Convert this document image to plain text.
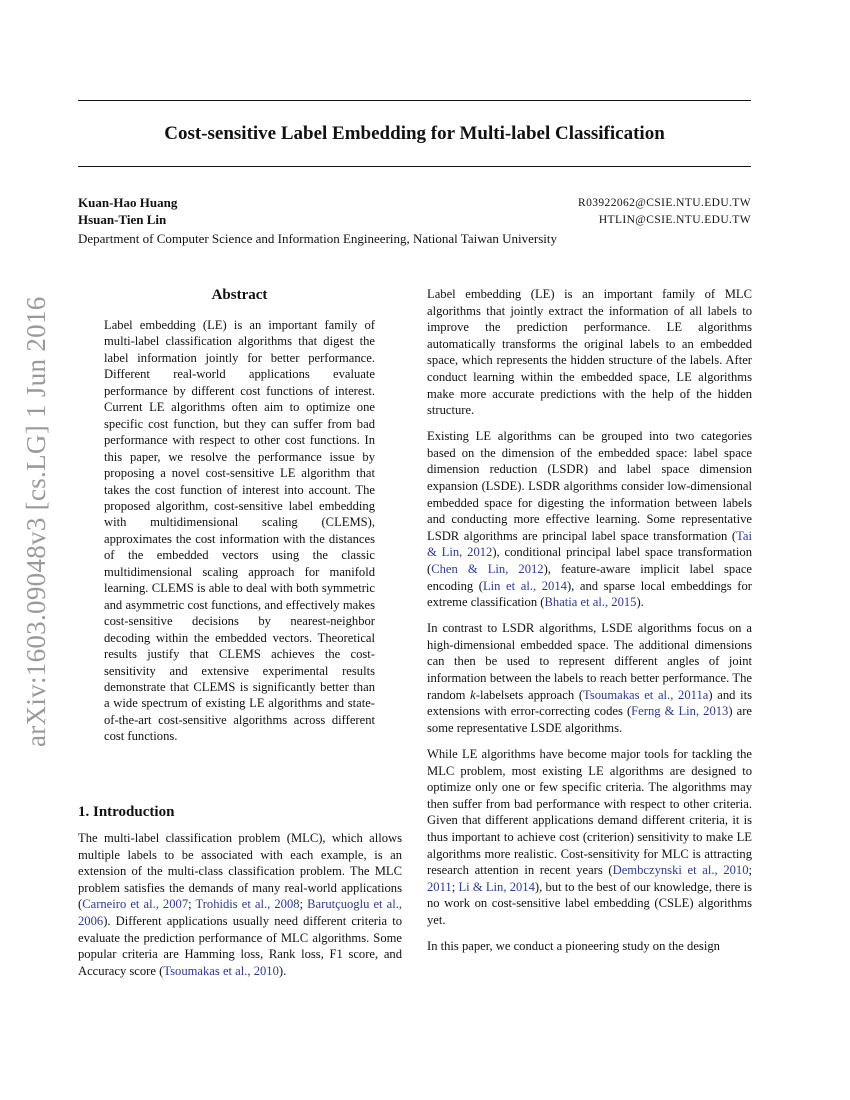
Cost-sensitive Label Embedding for Multi-label Classification
Kuan-Hao Huang	R03922062@CSIE.NTU.EDU.TW
Hsuan-Tien Lin	HTLIN@CSIE.NTU.EDU.TW
Department of Computer Science and Information Engineering, National Taiwan University
arXiv:1603.09048v3 [cs.LG] 1 Jun 2016
Abstract

Label embedding (LE) is an important family of multi-label classification algorithms that digest the label information jointly for better performance. Different real-world applications evaluate performance by different cost functions of interest. Current LE algorithms often aim to optimize one specific cost function, but they can suffer from bad performance with respect to other cost functions. In this paper, we resolve the performance issue by proposing a novel cost-sensitive LE algorithm that takes the cost function of interest into account. The proposed algorithm, cost-sensitive label embedding with multidimensional scaling (CLEMS), approximates the cost information with the distances of the embedded vectors using the classic multidimensional scaling approach for manifold learning. CLEMS is able to deal with both symmetric and asymmetric cost functions, and effectively makes cost-sensitive decisions by nearest-neighbor decoding within the embedded vectors. Theoretical results justify that CLEMS achieves the cost-sensitivity and extensive experimental results demonstrate that CLEMS is significantly better than a wide spectrum of existing LE algorithms and state-of-the-art cost-sensitive algorithms across different cost functions.

1. Introduction

The multi-label classification problem (MLC), which allows multiple labels to be associated with each example, is an extension of the multi-class classification problem. The MLC problem satisfies the demands of many real-world applications (Carneiro et al., 2007; Trohidis et al., 2008; Barutçuoglu et al., 2006). Different applications usually need different criteria to evaluate the prediction performance of MLC algorithms. Some popular criteria are Hamming loss, Rank loss, F1 score, and Accuracy score (Tsoumakas et al., 2010).

Label embedding (LE) is an important family of MLC algorithms that jointly extract the information of all labels to improve the prediction performance. LE algorithms automatically transforms the original labels to an embedded space, which represents the hidden structure of the labels. After conduct learning within the embedded space, LE algorithms make more accurate predictions with the help of the hidden structure.

Existing LE algorithms can be grouped into two categories based on the dimension of the embedded space: label space dimension reduction (LSDR) and label space dimension expansion (LSDE). LSDR algorithms consider low-dimensional embedded space for digesting the information between labels and conducting more effective learning. Some representative LSDR algorithms are principal label space transformation (Tai & Lin, 2012), conditional principal label space transformation (Chen & Lin, 2012), feature-aware implicit label space encoding (Lin et al., 2014), and sparse local embeddings for extreme classification (Bhatia et al., 2015).

In contrast to LSDR algorithms, LSDE algorithms focus on a high-dimensional embedded space. The additional dimensions can then be used to represent different angles of joint information between the labels to reach better performance. The random k-labelsets approach (Tsoumakas et al., 2011a) and its extensions with error-correcting codes (Ferng & Lin, 2013) are some representative LSDE algorithms.

While LE algorithms have become major tools for tackling the MLC problem, most existing LE algorithms are designed to optimize only one or few specific criteria. The algorithms may then suffer from bad performance with respect to other criteria. Given that different applications demand different criteria, it is thus important to achieve cost (criterion) sensitivity to make LE algorithms more realistic. Cost-sensitivity for MLC is attracting research attention in recent years (Dembczynski et al., 2010; 2011; Li & Lin, 2014), but to the best of our knowledge, there is no work on cost-sensitive label embedding (CSLE) algorithms yet.

In this paper, we conduct a pioneering study on the design
